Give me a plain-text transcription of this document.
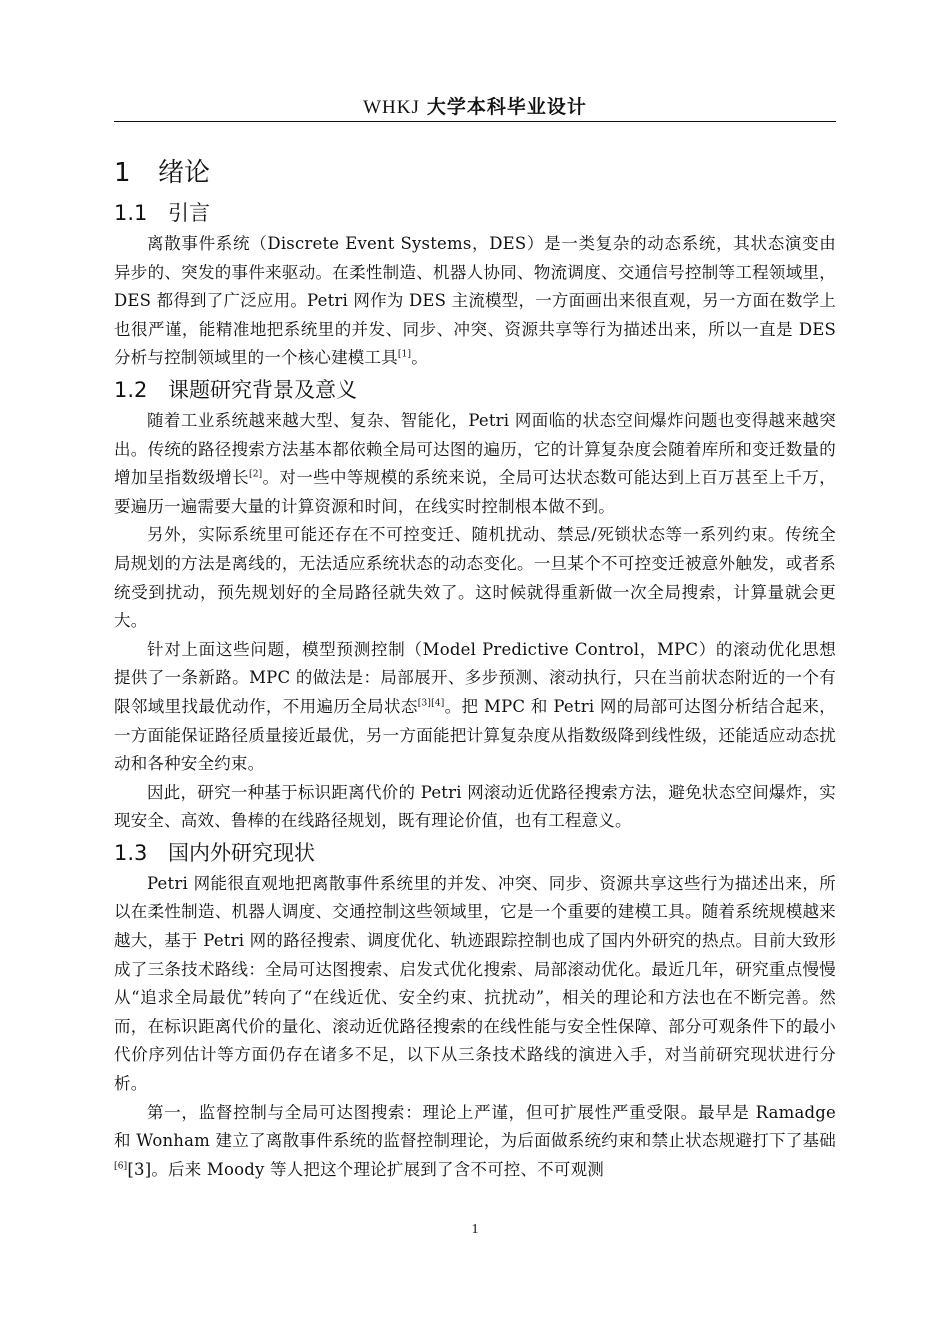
WHKJ 大学本科毕业设计
1 绪论
1.1 引言

离散事件系统（Discrete Event Systems，DES）是一类复杂的动态系统，其状态演变由异步的、突发的事件来驱动。在柔性制造、机器人协同、物流调度、交通信号控制等工程领域里，DES 都得到了广泛应用。Petri 网作为 DES 主流模型，一方面画出来很直观，另一方面在数学上也很严谨，能精准地把系统里的并发、同步、冲突、资源共享等行为描述出来，所以一直是 DES 分析与控制领域里的一个核心建模工具[1]。

1.2 课题研究背景及意义

随着工业系统越来越大型、复杂、智能化，Petri 网面临的状态空间爆炸问题也变得越来越突出。传统的路径搜索方法基本都依赖全局可达图的遍历，它的计算复杂度会随着库所和变迁数量的增加呈指数级增长[2]。对一些中等规模的系统来说，全局可达状态数可能达到上百万甚至上千万，要遍历一遍需要大量的计算资源和时间，在线实时控制根本做不到。

另外，实际系统里可能还存在不可控变迁、随机扰动、禁忌/死锁状态等一系列约束。传统全局规划的方法是离线的，无法适应系统状态的动态变化。一旦某个不可控变迁被意外触发，或者系统受到扰动，预先规划好的全局路径就失效了。这时候就得重新做一次全局搜索，计算量就会更大。

针对上面这些问题，模型预测控制（Model Predictive Control，MPC）的滚动优化思想提供了一条新路。MPC 的做法是：局部展开、多步预测、滚动执行，只在当前状态附近的一个有限邻域里找最优动作，不用遍历全局状态[3][4]。把 MPC 和 Petri 网的局部可达图分析结合起来，一方面能保证路径质量接近最优，另一方面能把计算复杂度从指数级降到线性级，还能适应动态扰动和各种安全约束。

因此，研究一种基于标识距离代价的 Petri 网滚动近优路径搜索方法，避免状态空间爆炸，实现安全、高效、鲁棒的在线路径规划，既有理论价值，也有工程意义。

1.3 国内外研究现状

Petri 网能很直观地把离散事件系统里的并发、冲突、同步、资源共享这些行为描述出来，所以在柔性制造、机器人调度、交通控制这些领域里，它是一个重要的建模工具。随着系统规模越来越大，基于 Petri 网的路径搜索、调度优化、轨迹跟踪控制也成了国内外研究的热点。目前大致形成了三条技术路线：全局可达图搜索、启发式优化搜索、局部滚动优化。最近几年，研究重点慢慢从“追求全局最优”转向了“在线近优、安全约束、抗扰动”，相关的理论和方法也在不断完善。然而，在标识距离代价的量化、滚动近优路径搜索的在线性能与安全性保障、部分可观条件下的最小代价序列估计等方面仍存在诸多不足，以下从三条技术路线的演进入手，对当前研究现状进行分析。

第一，监督控制与全局可达图搜索：理论上严谨，但可扩展性严重受限。最早是 Ramadge 和 Wonham 建立了离散事件系统的监督控制理论，为后面做系统约束和禁止状态规避打下了基础[6][3]。后来 Moody 等人把这个理论扩展到了含不可控、不可观测

1
